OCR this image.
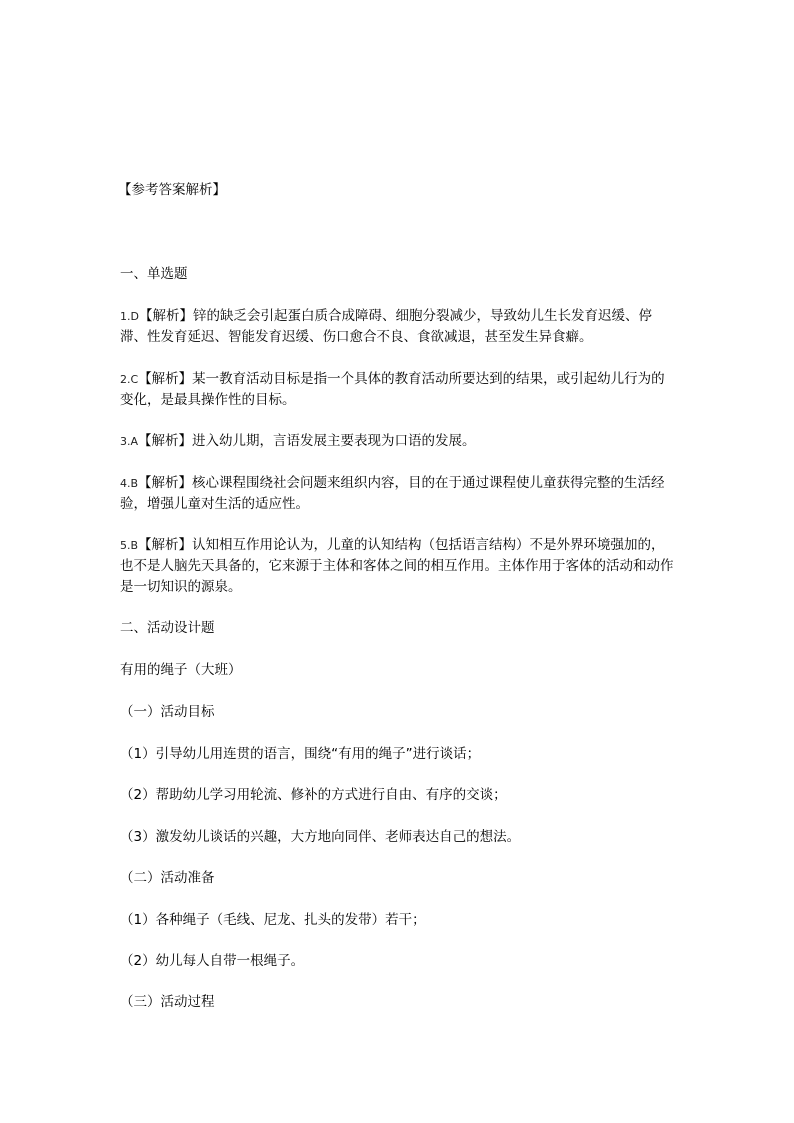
【参考答案解析】
一、单选题
1.D【解析】锌的缺乏会引起蛋白质合成障碍、细胞分裂减少，导致幼儿生长发育迟缓、停滞、性发育延迟、智能发育迟缓、伤口愈合不良、食欲减退，甚至发生异食癖。
2.C【解析】某一教育活动目标是指一个具体的教育活动所要达到的结果，或引起幼儿行为的变化，是最具操作性的目标。
3.A【解析】进入幼儿期，言语发展主要表现为口语的发展。
4.B【解析】核心课程围绕社会问题来组织内容，目的在于通过课程使儿童获得完整的生活经验，增强儿童对生活的适应性。
5.B【解析】认知相互作用论认为，儿童的认知结构（包括语言结构）不是外界环境强加的，也不是人脑先天具备的，它来源于主体和客体之间的相互作用。主体作用于客体的活动和动作是一切知识的源泉。
二、活动设计题
有用的绳子（大班）
（一）活动目标
（1）引导幼儿用连贯的语言，围绕“有用的绳子”进行谈话；
（2）帮助幼儿学习用轮流、修补的方式进行自由、有序的交谈；
（3）激发幼儿谈话的兴趣，大方地向同伴、老师表达自己的想法。
（二）活动准备
（1）各种绳子（毛线、尼龙、扎头的发带）若干；
（2）幼儿每人自带一根绳子。
（三）活动过程
